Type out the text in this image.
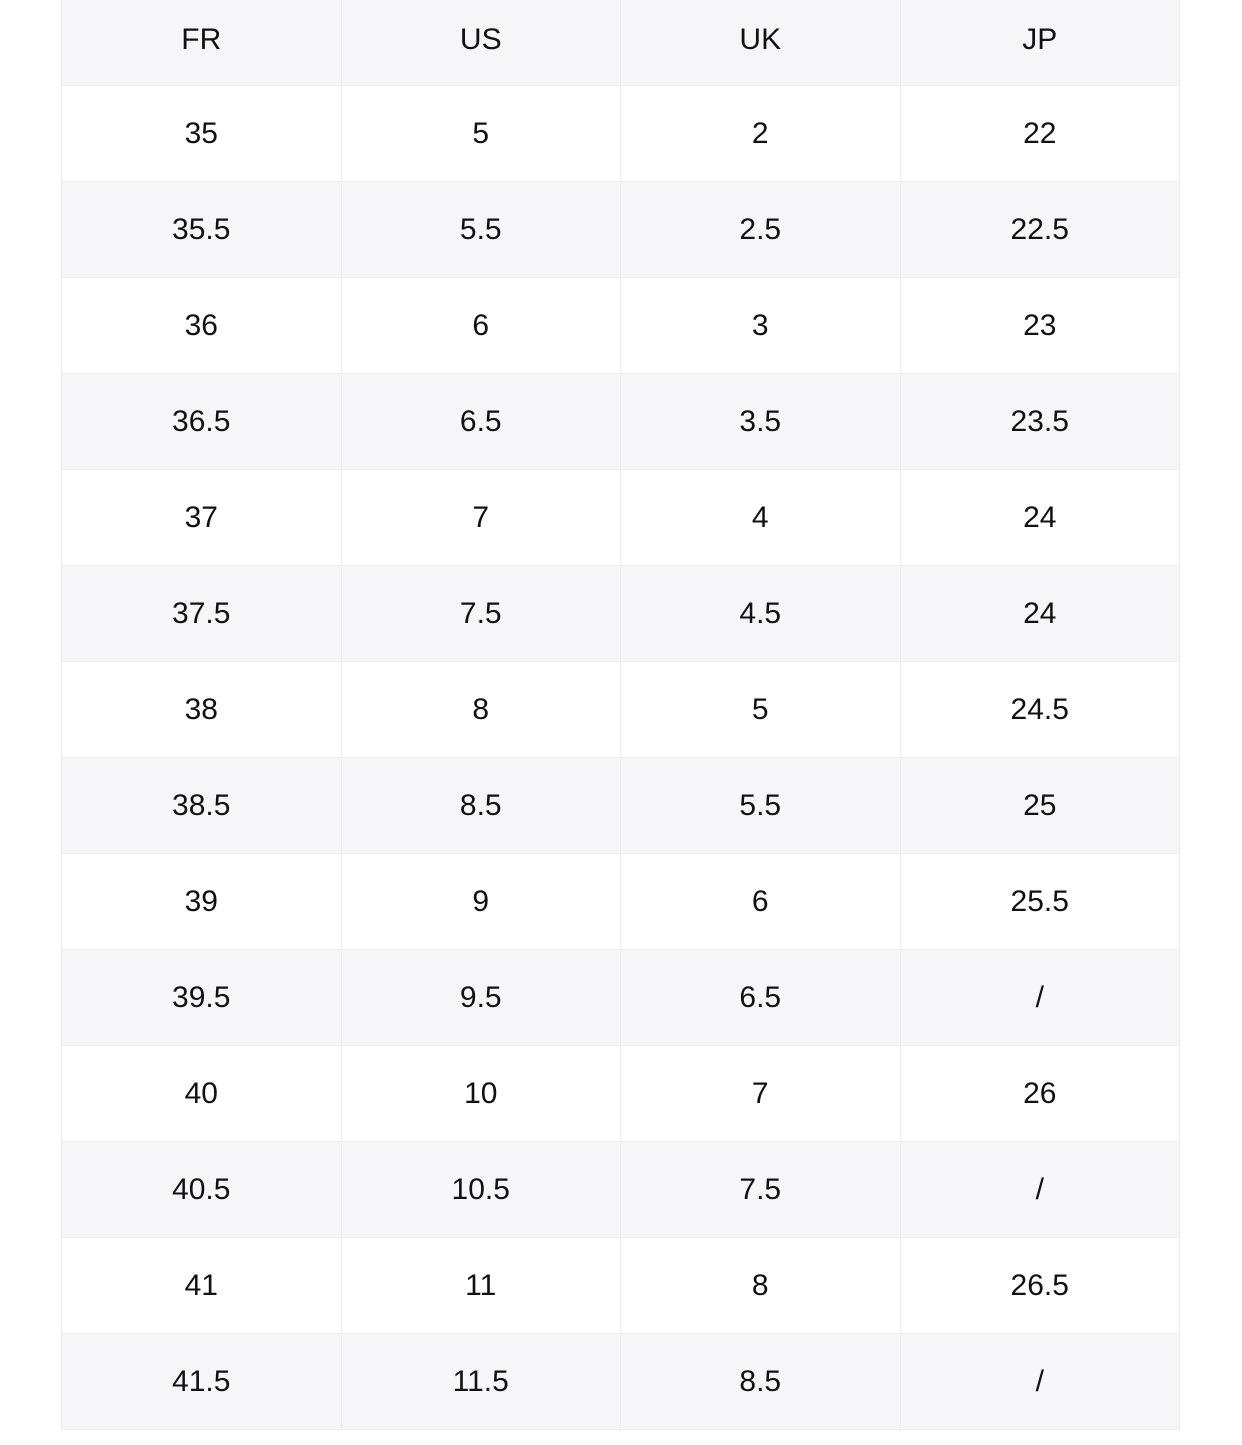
FR	US	UK	JP
35	5	2	22
35.5	5.5	2.5	22.5
36	6	3	23
36.5	6.5	3.5	23.5
37	7	4	24
37.5	7.5	4.5	24
38	8	5	24.5
38.5	8.5	5.5	25
39	9	6	25.5
39.5	9.5	6.5	/
40	10	7	26
40.5	10.5	7.5	/
41	11	8	26.5
41.5	11.5	8.5	/
